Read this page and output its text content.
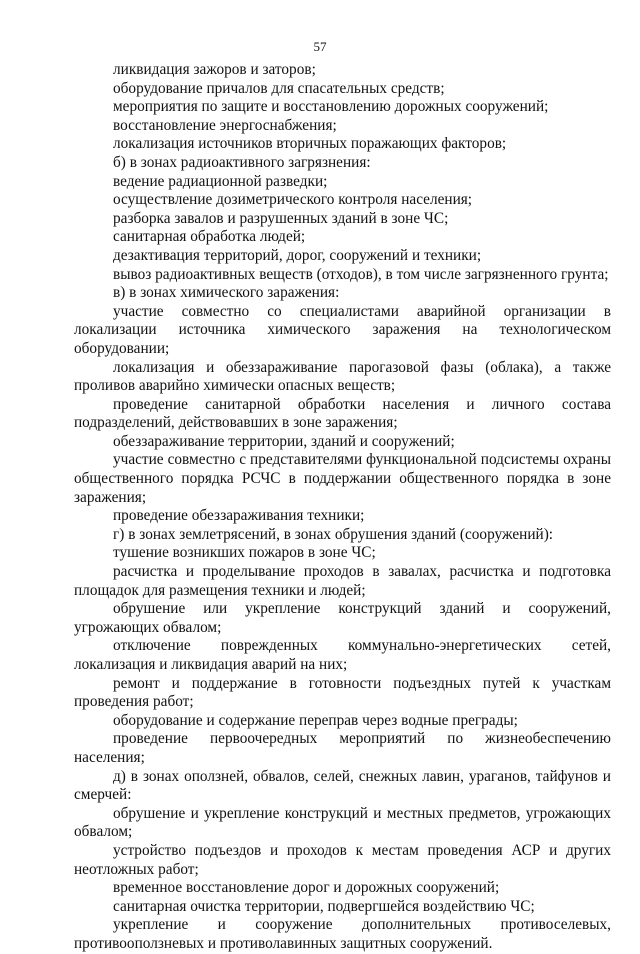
57

ликвидация зажоров и заторов;

оборудование причалов для спасательных средств;

мероприятия по защите и восстановлению дорожных сооружений;

восстановление энергоснабжения;

локализация источников вторичных поражающих факторов;

б) в зонах радиоактивного загрязнения:

ведение радиационной разведки;

осуществление дозиметрического контроля населения;

разборка завалов и разрушенных зданий в зоне ЧС;

санитарная обработка людей;

дезактивация территорий, дорог, сооружений и техники;

вывоз радиоактивных веществ (отходов), в том числе загрязненного грунта;

в) в зонах химического заражения:

участие совместно со специалистами аварийной организации в локализации источника химического заражения на технологическом оборудовании;

локализация и обеззараживание парогазовой фазы (облака), а также проливов аварийно химически опасных веществ;

проведение санитарной обработки населения и личного состава подразделений, действовавших в зоне заражения;

обеззараживание территории, зданий и сооружений;

участие совместно с представителями функциональной подсистемы охраны общественного порядка РСЧС в поддержании общественного порядка в зоне заражения;

проведение обеззараживания техники;

г) в зонах землетрясений, в зонах обрушения зданий (сооружений):

тушение возникших пожаров в зоне ЧС;

расчистка и проделывание проходов в завалах, расчистка и подготовка площадок для размещения техники и людей;

обрушение или укрепление конструкций зданий и сооружений, угрожающих обвалом;

отключение поврежденных коммунально-энергетических сетей, локализация и ликвидация аварий на них;

ремонт и поддержание в готовности подъездных путей к участкам проведения работ;

оборудование и содержание переправ через водные преграды;

проведение первоочередных мероприятий по жизнеобеспечению населения;

д) в зонах оползней, обвалов, селей, снежных лавин, ураганов, тайфунов и смерчей:

обрушение и укрепление конструкций и местных предметов, угрожающих обвалом;

устройство подъездов и проходов к местам проведения АСР и других неотложных работ;

временное восстановление дорог и дорожных сооружений;

санитарная очистка территории, подвергшейся воздействию ЧС;

укрепление и сооружение дополнительных противоселевых, противооползневых и противолавинных защитных сооружений.
